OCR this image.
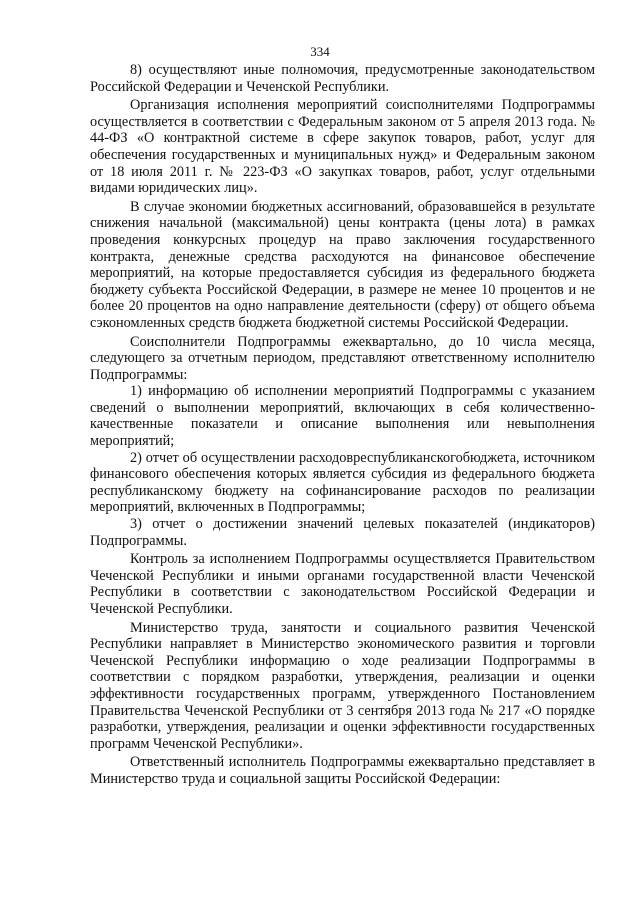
334

8) осуществляют иные полномочия, предусмотренные законодательством Российской Федерации и Чеченской Республики.

Организация исполнения мероприятий соисполнителями Подпрограммы осуществляется в соответствии с Федеральным законом от 5 апреля 2013 года. № 44-ФЗ «О контрактной системе в сфере закупок товаров, работ, услуг для обеспечения государственных и муниципальных нужд» и Федеральным законом от 18 июля 2011 г. № 223-ФЗ «О закупках товаров, работ, услуг отдельными видами юридических лиц».

В случае экономии бюджетных ассигнований, образовавшейся в результате снижения начальной (максимальной) цены контракта (цены лота) в рамках проведения конкурсных процедур на право заключения государственного контракта, денежные средства расходуются на финансовое обеспечение мероприятий, на которые предоставляется субсидия из федерального бюджета бюджету субъекта Российской Федерации, в размере не менее 10 процентов и не более 20 процентов на одно направление деятельности (сферу) от общего объема сэкономленных средств бюджета бюджетной системы Российской Федерации.

Соисполнители Подпрограммы ежеквартально, до 10 числа месяца, следующего за отчетным периодом, представляют ответственному исполнителю Подпрограммы:

1) информацию об исполнении мероприятий Подпрограммы с указанием сведений о выполнении мероприятий, включающих в себя количественно-качественные показатели и описание выполнения или невыполнения мероприятий;

2) отчет об осуществлении расходовреспубликанскогобюджета, источником финансового обеспечения которых является субсидия из федерального бюджета республиканскому бюджету на софинансирование расходов по реализации мероприятий, включенных в Подпрограммы;

3) отчет о достижении значений целевых показателей (индикаторов) Подпрограммы.

Контроль за исполнением Подпрограммы осуществляется Правительством Чеченской Республики и иными органами государственной власти Чеченской Республики в соответствии с законодательством Российской Федерации и Чеченской Республики.

Министерство труда, занятости и социального развития Чеченской Республики направляет в Министерство экономического развития и торговли Чеченской Республики информацию о ходе реализации Подпрограммы в соответствии с порядком разработки, утверждения, реализации и оценки эффективности государственных программ, утвержденного Постановлением Правительства Чеченской Республики от 3 сентября 2013 года № 217 «О порядке разработки, утверждения, реализации и оценки эффективности государственных программ Чеченской Республики».

Ответственный исполнитель Подпрограммы ежеквартально представляет в Министерство труда и социальной защиты Российской Федерации:
